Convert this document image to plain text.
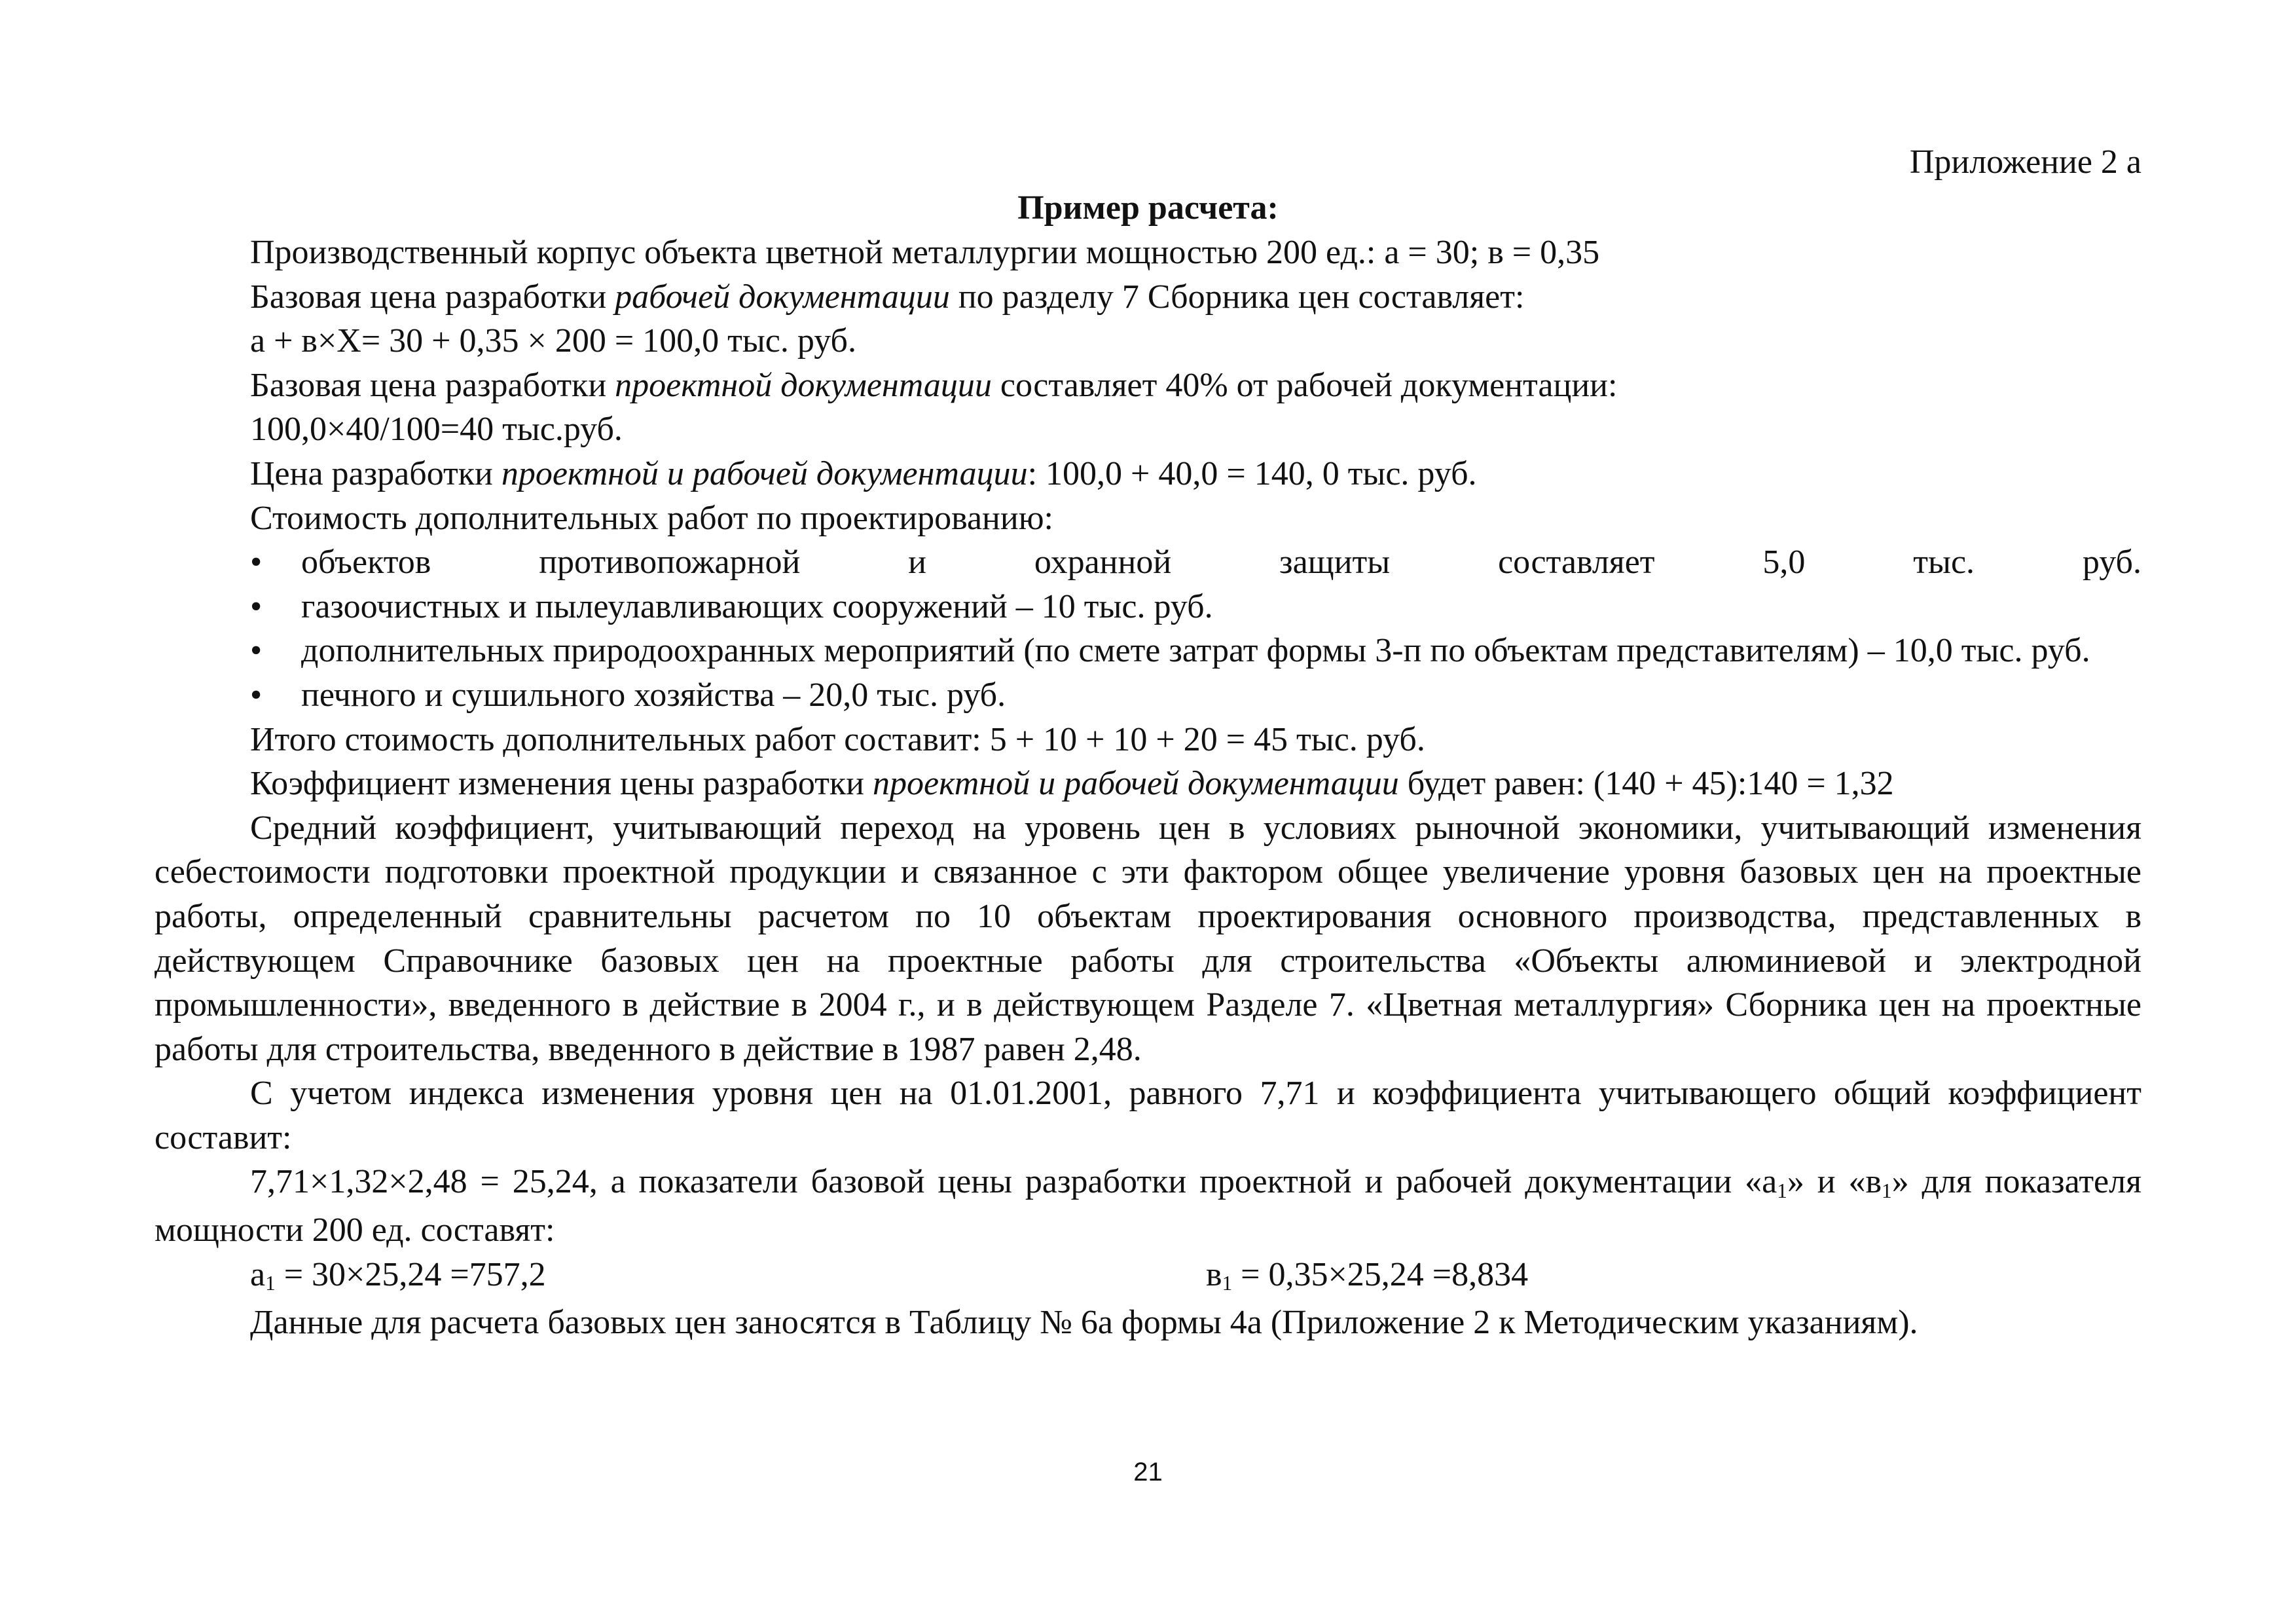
Приложение 2 а
Пример расчета:

Производственный корпус объекта цветной металлургии мощностью 200 ед.: а = 30; в = 0,35

Базовая цена разработки рабочей документации по разделу 7 Сборника цен составляет:

а + в×Х= 30 + 0,35 × 200 = 100,0 тыс. руб.

Базовая цена разработки проектной документации составляет 40% от рабочей документации:

100,0×40/100=40 тыс.руб.

Цена разработки проектной и рабочей документации: 100,0 + 40,0 = 140, 0 тыс. руб.

Стоимость дополнительных работ по проектированию:

• объектов противопожарной и охранной защиты составляет 5,0 тыс. руб.

• газоочистных и пылеулавливающих сооружений – 10 тыс. руб.

• дополнительных природоохранных мероприятий (по смете затрат формы 3-п по объектам представителям) – 10,0 тыс. руб.

• печного и сушильного хозяйства – 20,0 тыс. руб.

Итого стоимость дополнительных работ составит: 5 + 10 + 10 + 20 = 45 тыс. руб.

Коэффициент изменения цены разработки проектной и рабочей документации будет равен: (140 + 45):140 = 1,32

Средний коэффициент, учитывающий переход на уровень цен в условиях рыночной экономики, учитывающий изменения себестоимости подготовки проектной продукции и связанное с эти фактором общее увеличение уровня базовых цен на проектные работы, определенный сравнительны расчетом по 10 объектам проектирования основного производства, представленных в действующем Справочнике базовых цен на проектные работы для строительства «Объекты алюминиевой и электродной промышленности», введенного в действие в 2004 г., и в действующем Разделе 7. «Цветная металлургия» Сборника цен на проектные работы для строительства, введенного в действие в 1987 равен 2,48.

С учетом индекса изменения уровня цен на 01.01.2001, равного 7,71 и коэффициента учитывающего общий коэффициент составит:

7,71×1,32×2,48 = 25,24, а показатели базовой цены разработки проектной и рабочей документации «$а_1$» и «$в_1$» для показателя мощности 200 ед. составят:

$а_1 = 30\times 25,24 =757,2$	$в_1 = 0,35\times 25,24 =8,834$

Данные для расчета базовых цен заносятся в Таблицу № 6а формы 4а (Приложение 2 к Методическим указаниям).

21
